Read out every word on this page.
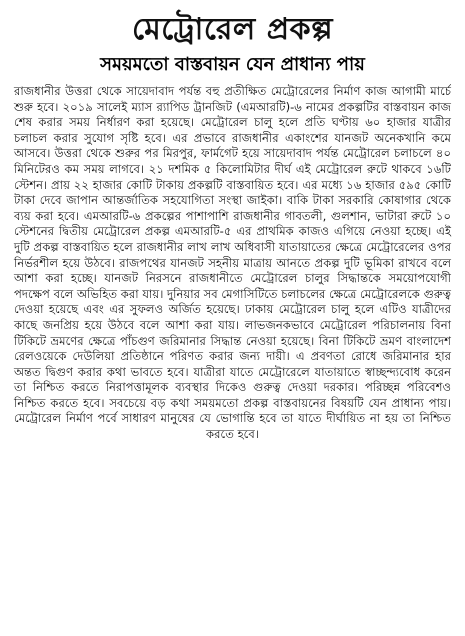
মেট্রোরেল প্রকল্প
সময়মতো বাস্তবায়ন যেন প্রাধান্য পায়

রাজধানীর উত্তরা থেকে সায়েদাবাদ পর্যন্ত বহু প্রতীক্ষিত মেট্রোরেলের নির্মাণ কাজ আগামী মার্চে শুরু হবে। ২০১৯ সালেই ম্যাস র‍্যাপিড ট্রানজিট (এমআরটি)-৬ নামের প্রকল্পটির বাস্তবায়ন কাজ শেষ করার সময় নির্ধারণ করা হয়েছে। মেট্রোরেল চালু হলে প্রতি ঘণ্টায় ৬০ হাজার যাত্রীর চলাচল করার সুযোগ সৃষ্টি হবে। এর প্রভাবে রাজধানীর একাংশের যানজট অনেকখানি কমে আসবে। উত্তরা থেকে শুরুর পর মিরপুর, ফার্মগেট হয়ে সায়েদাবাদ পর্যন্ত মেট্রোরেল চলাচলে ৪০ মিনিটেরও কম সময় লাগবে। ২১ দশমিক ৫ কিলোমিটার দীর্ঘ এই মেট্রোরেল রুটে থাকবে ১৬টি স্টেশন। প্রায় ২২ হাজার কোটি টাকায় প্রকল্পটি বাস্তবায়িত হবে। এর মধ্যে ১৬ হাজার ৫৯৫ কোটি টাকা দেবে জাপান আন্তর্জাতিক সহযোগিতা সংস্থা জাইকা। বাকি টাকা সরকারি কোষাগার থেকে ব্যয় করা হবে। এমআরটি-৬ প্রকল্পের পাশাপাশি রাজধানীর গাবতলী, গুলশান, ভাটারা রুটে ১০ স্টেশনের দ্বিতীয় মেট্রোরেল প্রকল্প এমআরটি-৫ এর প্রাথমিক কাজও এগিয়ে নেওয়া হচ্ছে। এই দুটি প্রকল্প বাস্তবায়িত হলে রাজধানীর লাখ লাখ অধিবাসী যাতায়াতের ক্ষেত্রে মেট্রোরেলের ওপর নির্ভরশীল হয়ে উঠবে। রাজপথের যানজট সহনীয় মাত্রায় আনতে প্রকল্প দুটি ভূমিকা রাখবে বলে আশা করা হচ্ছে। যানজট নিরসনে রাজধানীতে মেট্রোরেল চালুর সিদ্ধান্তকে সময়োপযোগী পদক্ষেপ বলে অভিহিত করা যায়। দুনিয়ার সব মেগাসিটিতে চলাচলের ক্ষেত্রে মেট্রোরেলকে গুরুত্ব দেওয়া হয়েছে এবং এর সুফলও অর্জিত হয়েছে। ঢাকায় মেট্রোরেল চালু হলে এটিও যাত্রীদের কাছে জনপ্রিয় হয়ে উঠবে বলে আশা করা যায়। লাভজনকভাবে মেট্রোরেল পরিচালনায় বিনা টিকিটে ভ্রমণের ক্ষেত্রে পাঁচগুণ জরিমানার সিদ্ধান্ত নেওয়া হয়েছে। বিনা টিকিটে ভ্রমণ বাংলাদেশ রেলওয়েকে দেউলিয়া প্রতিষ্ঠানে পরিণত করার জন্য দায়ী। এ প্রবণতা রোধে জরিমানার হার অন্তত দ্বিগুণ করার কথা ভাবতে হবে। যাত্রীরা যাতে মেট্রোরেলে যাতায়াতে স্বাচ্ছন্দ্যবোধ করেন তা নিশ্চিত করতে নিরাপত্তামূলক ব্যবস্থার দিকেও গুরুত্ব দেওয়া দরকার। পরিচ্ছন্ন পরিবেশও নিশ্চিত করতে হবে। সবচেয়ে বড় কথা সময়মতো প্রকল্প বাস্তবায়নের বিষয়টি যেন প্রাধান্য পায়। মেট্রোরেল নির্মাণ পর্বে সাধারণ মানুষের যে ভোগান্তি হবে তা যাতে দীর্ঘায়িত না হয় তা নিশ্চিত করতে হবে।
